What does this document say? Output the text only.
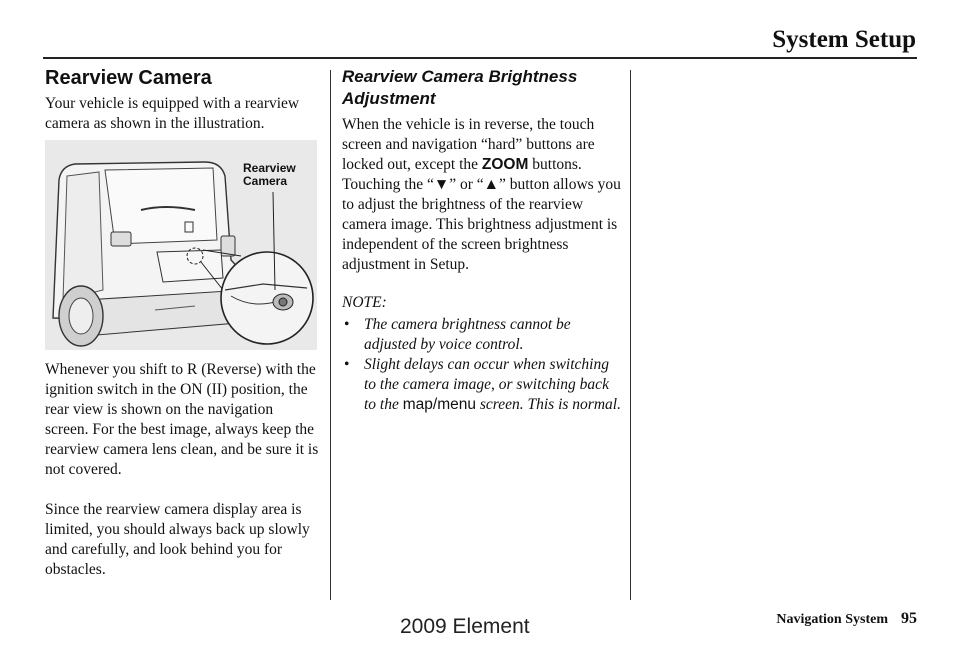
System Setup
Rearview Camera

Your vehicle is equipped with a rearview camera as shown in the illustration.

Rearview
Camera

Whenever you shift to R (Reverse) with the ignition switch in the ON (II) position, the rear view is shown on the navigation screen. For the best image, always keep the rearview camera lens clean, and be sure it is not covered.

Since the rearview camera display area is limited, you should always back up slowly and carefully, and look behind you for obstacles.

Rearview Camera Brightness Adjustment

When the vehicle is in reverse, the touch screen and navigation “hard” buttons are locked out, except the ZOOM buttons. Touching the “▼” or “▲” button allows you to adjust the brightness of the rearview camera image. This brightness adjustment is independent of the screen brightness adjustment in Setup.

NOTE:
• The camera brightness cannot be adjusted by voice control.
• Slight delays can occur when switching to the camera image, or switching back to the map/menu screen. This is normal.
Navigation System 95
2009 Element
